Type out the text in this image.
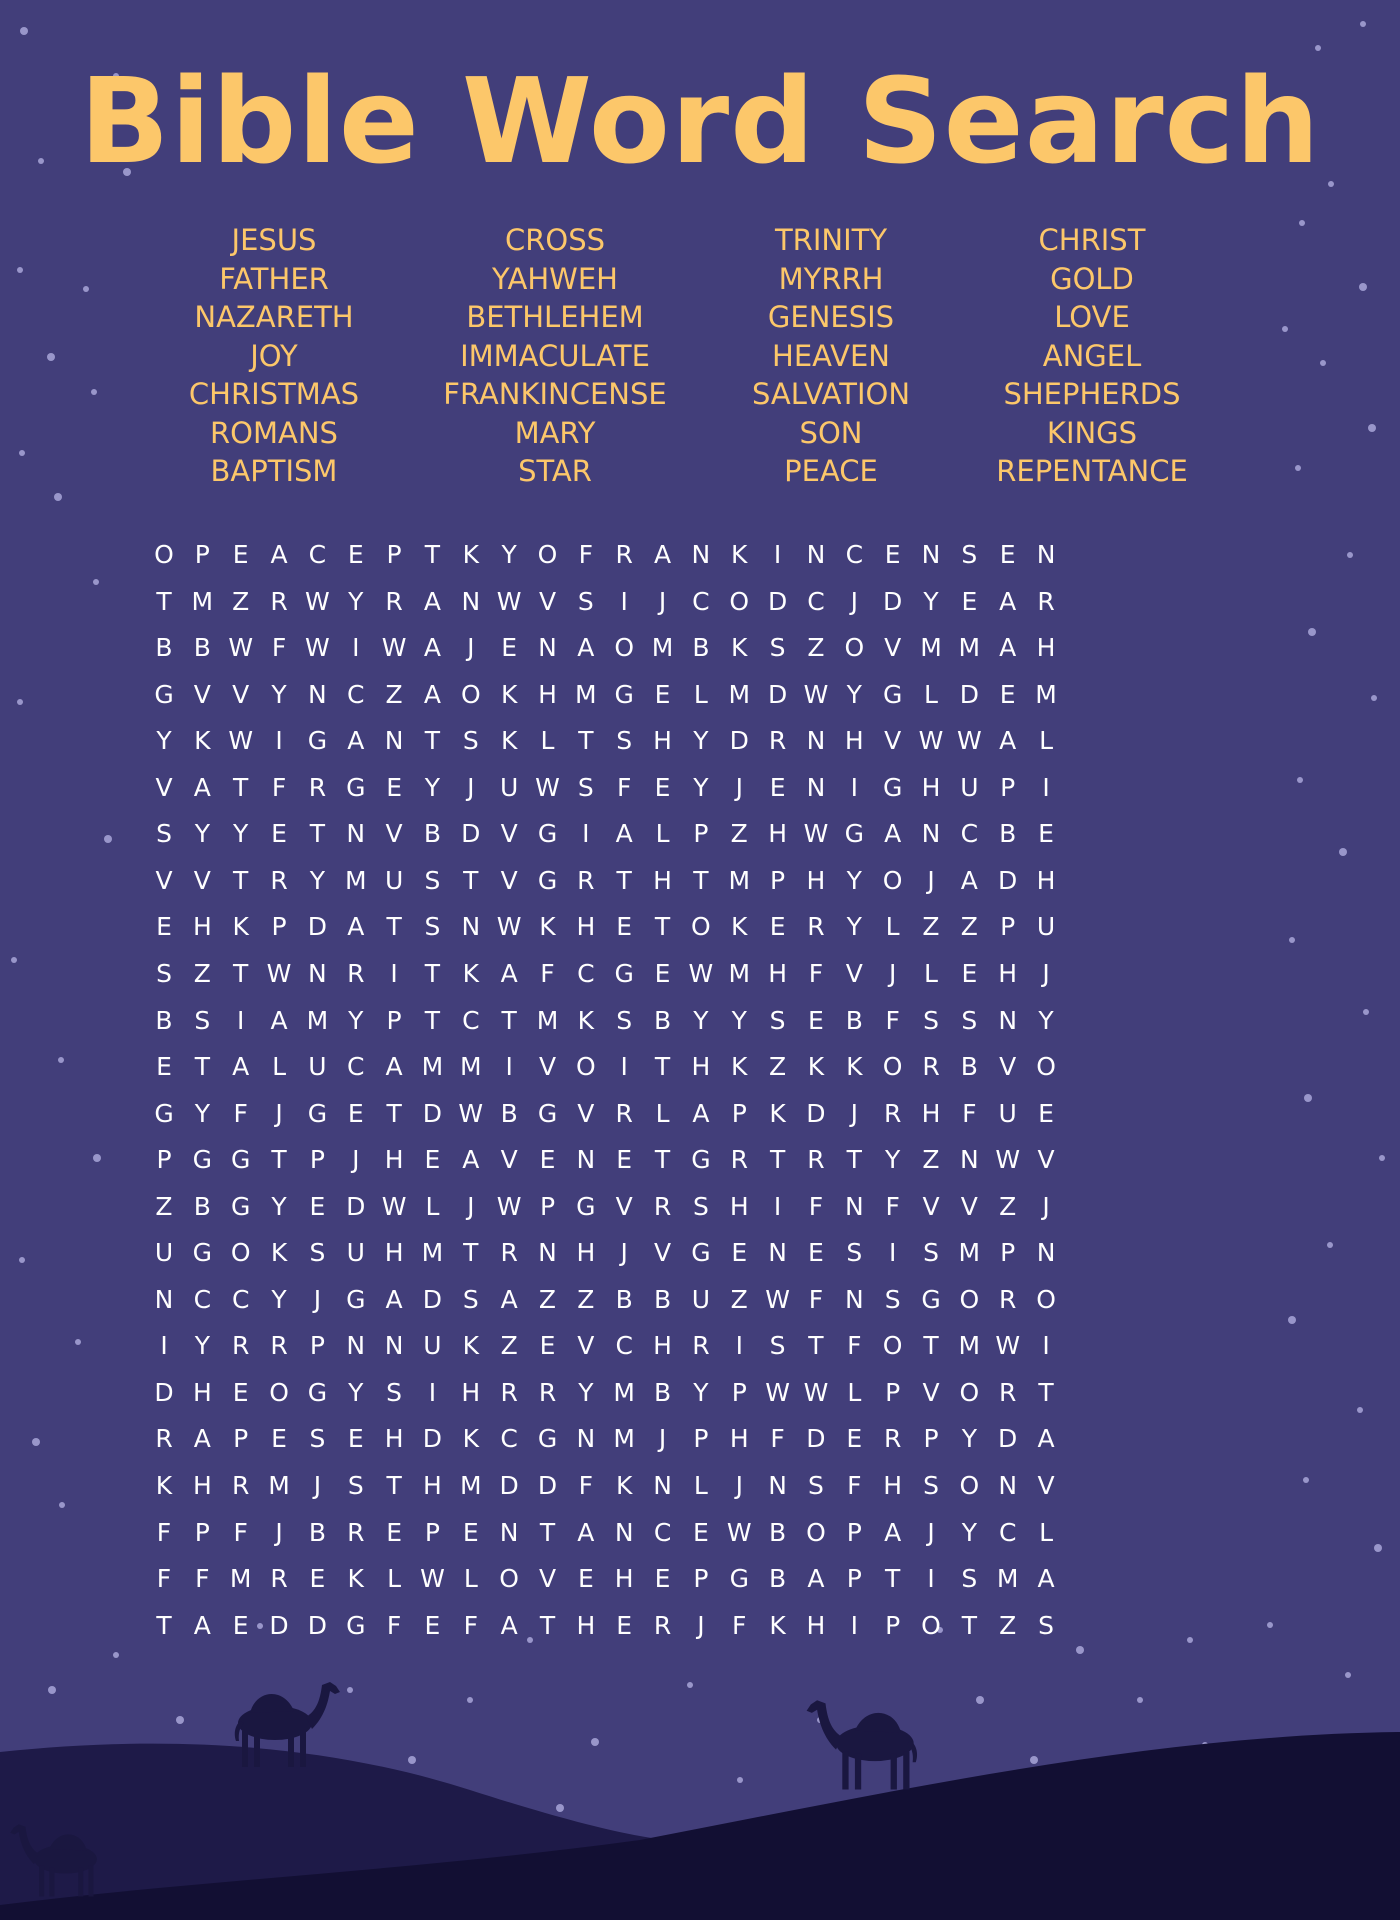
Bible Word Search
JESUS
FATHER
NAZARETH
JOY
CHRISTMAS
ROMANS
BAPTISM
CROSS
YAHWEH
BETHLEHEM
IMMACULATE
FRANKINCENSE
MARY
STAR
TRINITY
MYRRH
GENESIS
HEAVEN
SALVATION
SON
PEACE
CHRIST
GOLD
LOVE
ANGEL
SHEPHERDS
KINGS
REPENTANCE
O P E A C E P T K Y O F R A N K	I	N C E N S E N
T M Z R W Y R A N W V S	I	J	C O D C	J	D Y E A R
B B W F W I W A	J	E N A O M B K S Z O V M M A H
G V V Y N C Z A O K H M G E L M D W Y G L D E M
Y K W I G A N T S K L T S H Y D R N H V W W A L
V A T F R G E Y	J	U W S F E Y	J	E N	I G H U P	I
S Y Y E T N V B D V G I	A L P Z H W G A N C B E
V V T R Y M U S T V G R T H T M P H Y O J	A D H
E H K P D A T S N W K H E T O K E R Y L Z Z P U
S Z T W N R	I	T K A F C G E W M H F V	J	L E H	J
B S	I	A M Y P T C T M K S B Y Y S E B F S S N Y
E T A L U C A M M I	V O I	T H K Z K K O R B V O
G Y F	J G E T D W B G V R L A P K D	J	R H F U E
P G G T P	J	H E A V E N E T G R T R T Y Z N W V
Z B G Y E D W L	J W P G V R S H	I	F N F V V Z	J
U G O K S U H M T R N H	J	V G E N E S	I	S M P N
N C C Y	J G A D S A Z Z B B U Z W F N S G O R O
I	Y R R P N N U K Z E V C H R	I	S T F O T M W I
D H E O G Y S	I	H R R Y M B Y P W W L P V O R T
R A P E S E H D K C G N M J	P H F D E R P Y D A
K H R M J	S T H M D D F K N L	J	N S F H S O N V
F P F	J	B R E P E N T A N C E W B O P A	J	Y C L
F F M R E K L W L O V E H E P G B A P T	I	S M A
T A E D D G F E F A T H E R	J	F K H	I	P O T Z S
